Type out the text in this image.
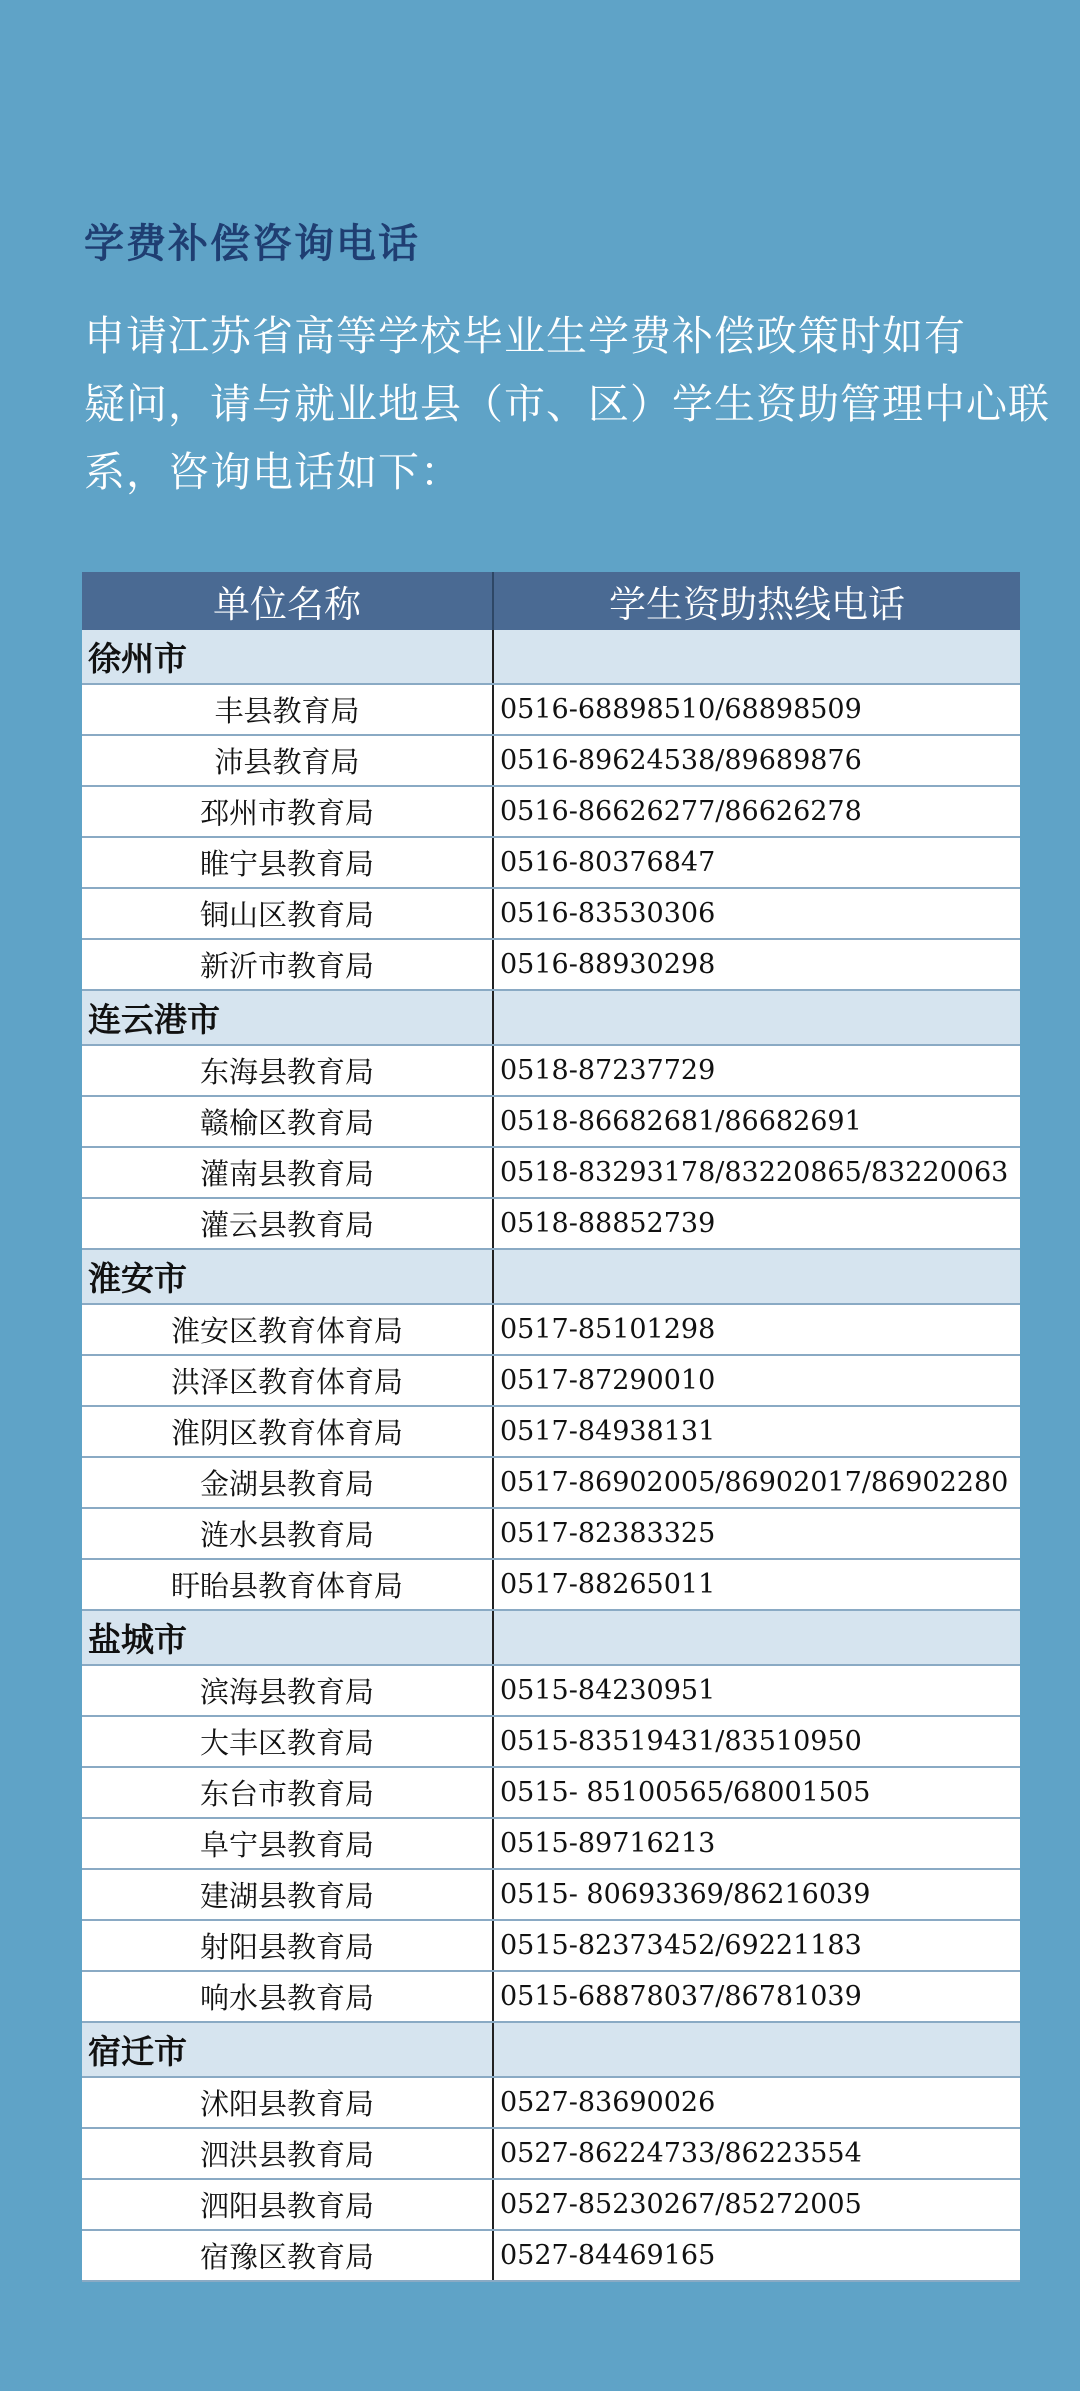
学费补偿咨询电话

申请江苏省高等学校毕业生学费补偿政策时如有

疑问，请与就业地县（市、区）学生资助管理中心联

系，咨询电话如下：

单位名称	学生资助热线电话
徐州市	
丰县教育局	0516-68898510/68898509
沛县教育局	0516-89624538/89689876
邳州市教育局	0516-86626277/86626278
睢宁县教育局	0516-80376847
铜山区教育局	0516-83530306
新沂市教育局	0516-88930298
连云港市	
东海县教育局	0518-87237729
赣榆区教育局	0518-86682681/86682691
灌南县教育局	0518-83293178/83220865/83220063
灌云县教育局	0518-88852739
淮安市	
淮安区教育体育局	0517-85101298
洪泽区教育体育局	0517-87290010
淮阴区教育体育局	0517-84938131
金湖县教育局	0517-86902005/86902017/86902280
涟水县教育局	0517-82383325
盱眙县教育体育局	0517-88265011
盐城市	
滨海县教育局	0515-84230951
大丰区教育局	0515-83519431/83510950
东台市教育局	0515- 85100565/68001505
阜宁县教育局	0515-89716213
建湖县教育局	0515- 80693369/86216039
射阳县教育局	0515-82373452/69221183
响水县教育局	0515-68878037/86781039
宿迁市	
沭阳县教育局	0527-83690026
泗洪县教育局	0527-86224733/86223554
泗阳县教育局	0527-85230267/85272005
宿豫区教育局	0527-84469165
